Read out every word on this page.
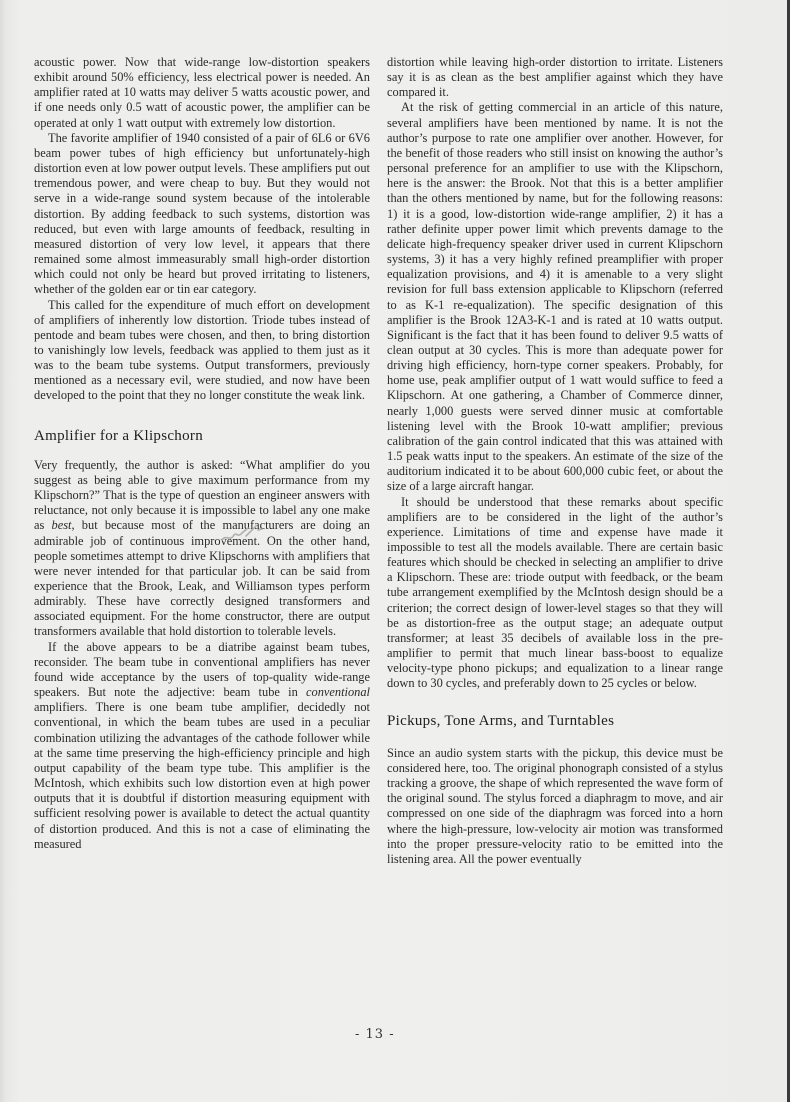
acoustic power. Now that wide-range low-distortion speakers exhibit around 50% efficiency, less electrical power is needed. An amplifier rated at 10 watts may deliver 5 watts acoustic power, and if one needs only 0.5 watt of acoustic power, the amplifier can be operated at only 1 watt output with extremely low distortion.

The favorite amplifier of 1940 consisted of a pair of 6L6 or 6V6 beam power tubes of high efficiency but unfortunately-high distortion even at low power output levels. These amplifiers put out tremendous power, and were cheap to buy. But they would not serve in a wide-range sound system because of the intolerable distortion. By adding feedback to such systems, distortion was reduced, but even with large amounts of feedback, resulting in measured distortion of very low level, it appears that there remained some almost immeasurably small high-order distortion which could not only be heard but proved irritating to listeners, whether of the golden ear or tin ear category.

This called for the expenditure of much effort on development of amplifiers of inherently low distortion. Triode tubes instead of pentode and beam tubes were chosen, and then, to bring distortion to vanishingly low levels, feedback was applied to them just as it was to the beam tube systems. Output transformers, previously mentioned as a necessary evil, were studied, and now have been developed to the point that they no longer constitute the weak link.

Amplifier for a Klipschorn

Very frequently, the author is asked: “What amplifier do you suggest as being able to give maximum performance from my Klipschorn?” That is the type of question an engineer answers with reluctance, not only because it is impossible to label any one make as best, but because most of the manufacturers are doing an admirable job of continuous improvement. On the other hand, people sometimes attempt to drive Klipschorns with amplifiers that were never intended for that particular job. It can be said from experience that the Brook, Leak, and Williamson types perform admirably. These have correctly designed transformers and associated equipment. For the home constructor, there are output transformers available that hold distortion to tolerable levels.

If the above appears to be a diatribe against beam tubes, reconsider. The beam tube in conventional amplifiers has never found wide acceptance by the users of top-quality wide-range speakers. But note the adjective: beam tube in conventional amplifiers. There is one beam tube amplifier, decidedly not conventional, in which the beam tubes are used in a peculiar combination utilizing the advantages of the cathode follower while at the same time preserving the high-efficiency principle and high output capability of the beam type tube. This amplifier is the McIntosh, which exhibits such low distortion even at high power outputs that it is doubtful if distortion measuring equipment with sufficient resolving power is available to detect the actual quantity of distortion produced. And this is not a case of eliminating the measured

distortion while leaving high-order distortion to irritate. Listeners say it is as clean as the best amplifier against which they have compared it.

At the risk of getting commercial in an article of this nature, several amplifiers have been mentioned by name. It is not the author’s purpose to rate one amplifier over another. However, for the benefit of those readers who still insist on knowing the author’s personal preference for an amplifier to use with the Klipschorn, here is the answer: the Brook. Not that this is a better amplifier than the others mentioned by name, but for the following reasons: 1) it is a good, low-distortion wide-range amplifier, 2) it has a rather definite upper power limit which prevents damage to the delicate high-frequency speaker driver used in current Klipschorn systems, 3) it has a very highly refined preamplifier with proper equalization provisions, and 4) it is amenable to a very slight revision for full bass extension applicable to Klipschorn (referred to as K-1 re-equalization). The specific designation of this amplifier is the Brook 12A3-K-1 and is rated at 10 watts output. Significant is the fact that it has been found to deliver 9.5 watts of clean output at 30 cycles. This is more than adequate power for driving high efficiency, horn-type corner speakers. Probably, for home use, peak amplifier output of 1 watt would suffice to feed a Klipschorn. At one gathering, a Chamber of Commerce dinner, nearly 1,000 guests were served dinner music at comfortable listening level with the Brook 10-watt amplifier; previous calibration of the gain control indicated that this was attained with 1.5 peak watts input to the speakers. An estimate of the size of the auditorium indicated it to be about 600,000 cubic feet, or about the size of a large aircraft hangar.

It should be understood that these remarks about specific amplifiers are to be considered in the light of the author’s experience. Limitations of time and expense have made it impossible to test all the models available. There are certain basic features which should be checked in selecting an amplifier to drive a Klipschorn. These are: triode output with feedback, or the beam tube arrangement exemplified by the McIntosh design should be a criterion; the correct design of lower-level stages so that they will be as distortion-free as the output stage; an adequate output transformer; at least 35 decibels of available loss in the pre-amplifier to permit that much linear bass-boost to equalize velocity-type phono pickups; and equalization to a linear range down to 30 cycles, and preferably down to 25 cycles or below.

Pickups, Tone Arms, and Turntables

Since an audio system starts with the pickup, this device must be considered here, too. The original phonograph consisted of a stylus tracking a groove, the shape of which represented the wave form of the original sound. The stylus forced a diaphragm to move, and air compressed on one side of the diaphragm was forced into a horn where the high-pressure, low-velocity air motion was transformed into the proper pressure-velocity ratio to be emitted into the listening area. All the power eventually

- 13 -
